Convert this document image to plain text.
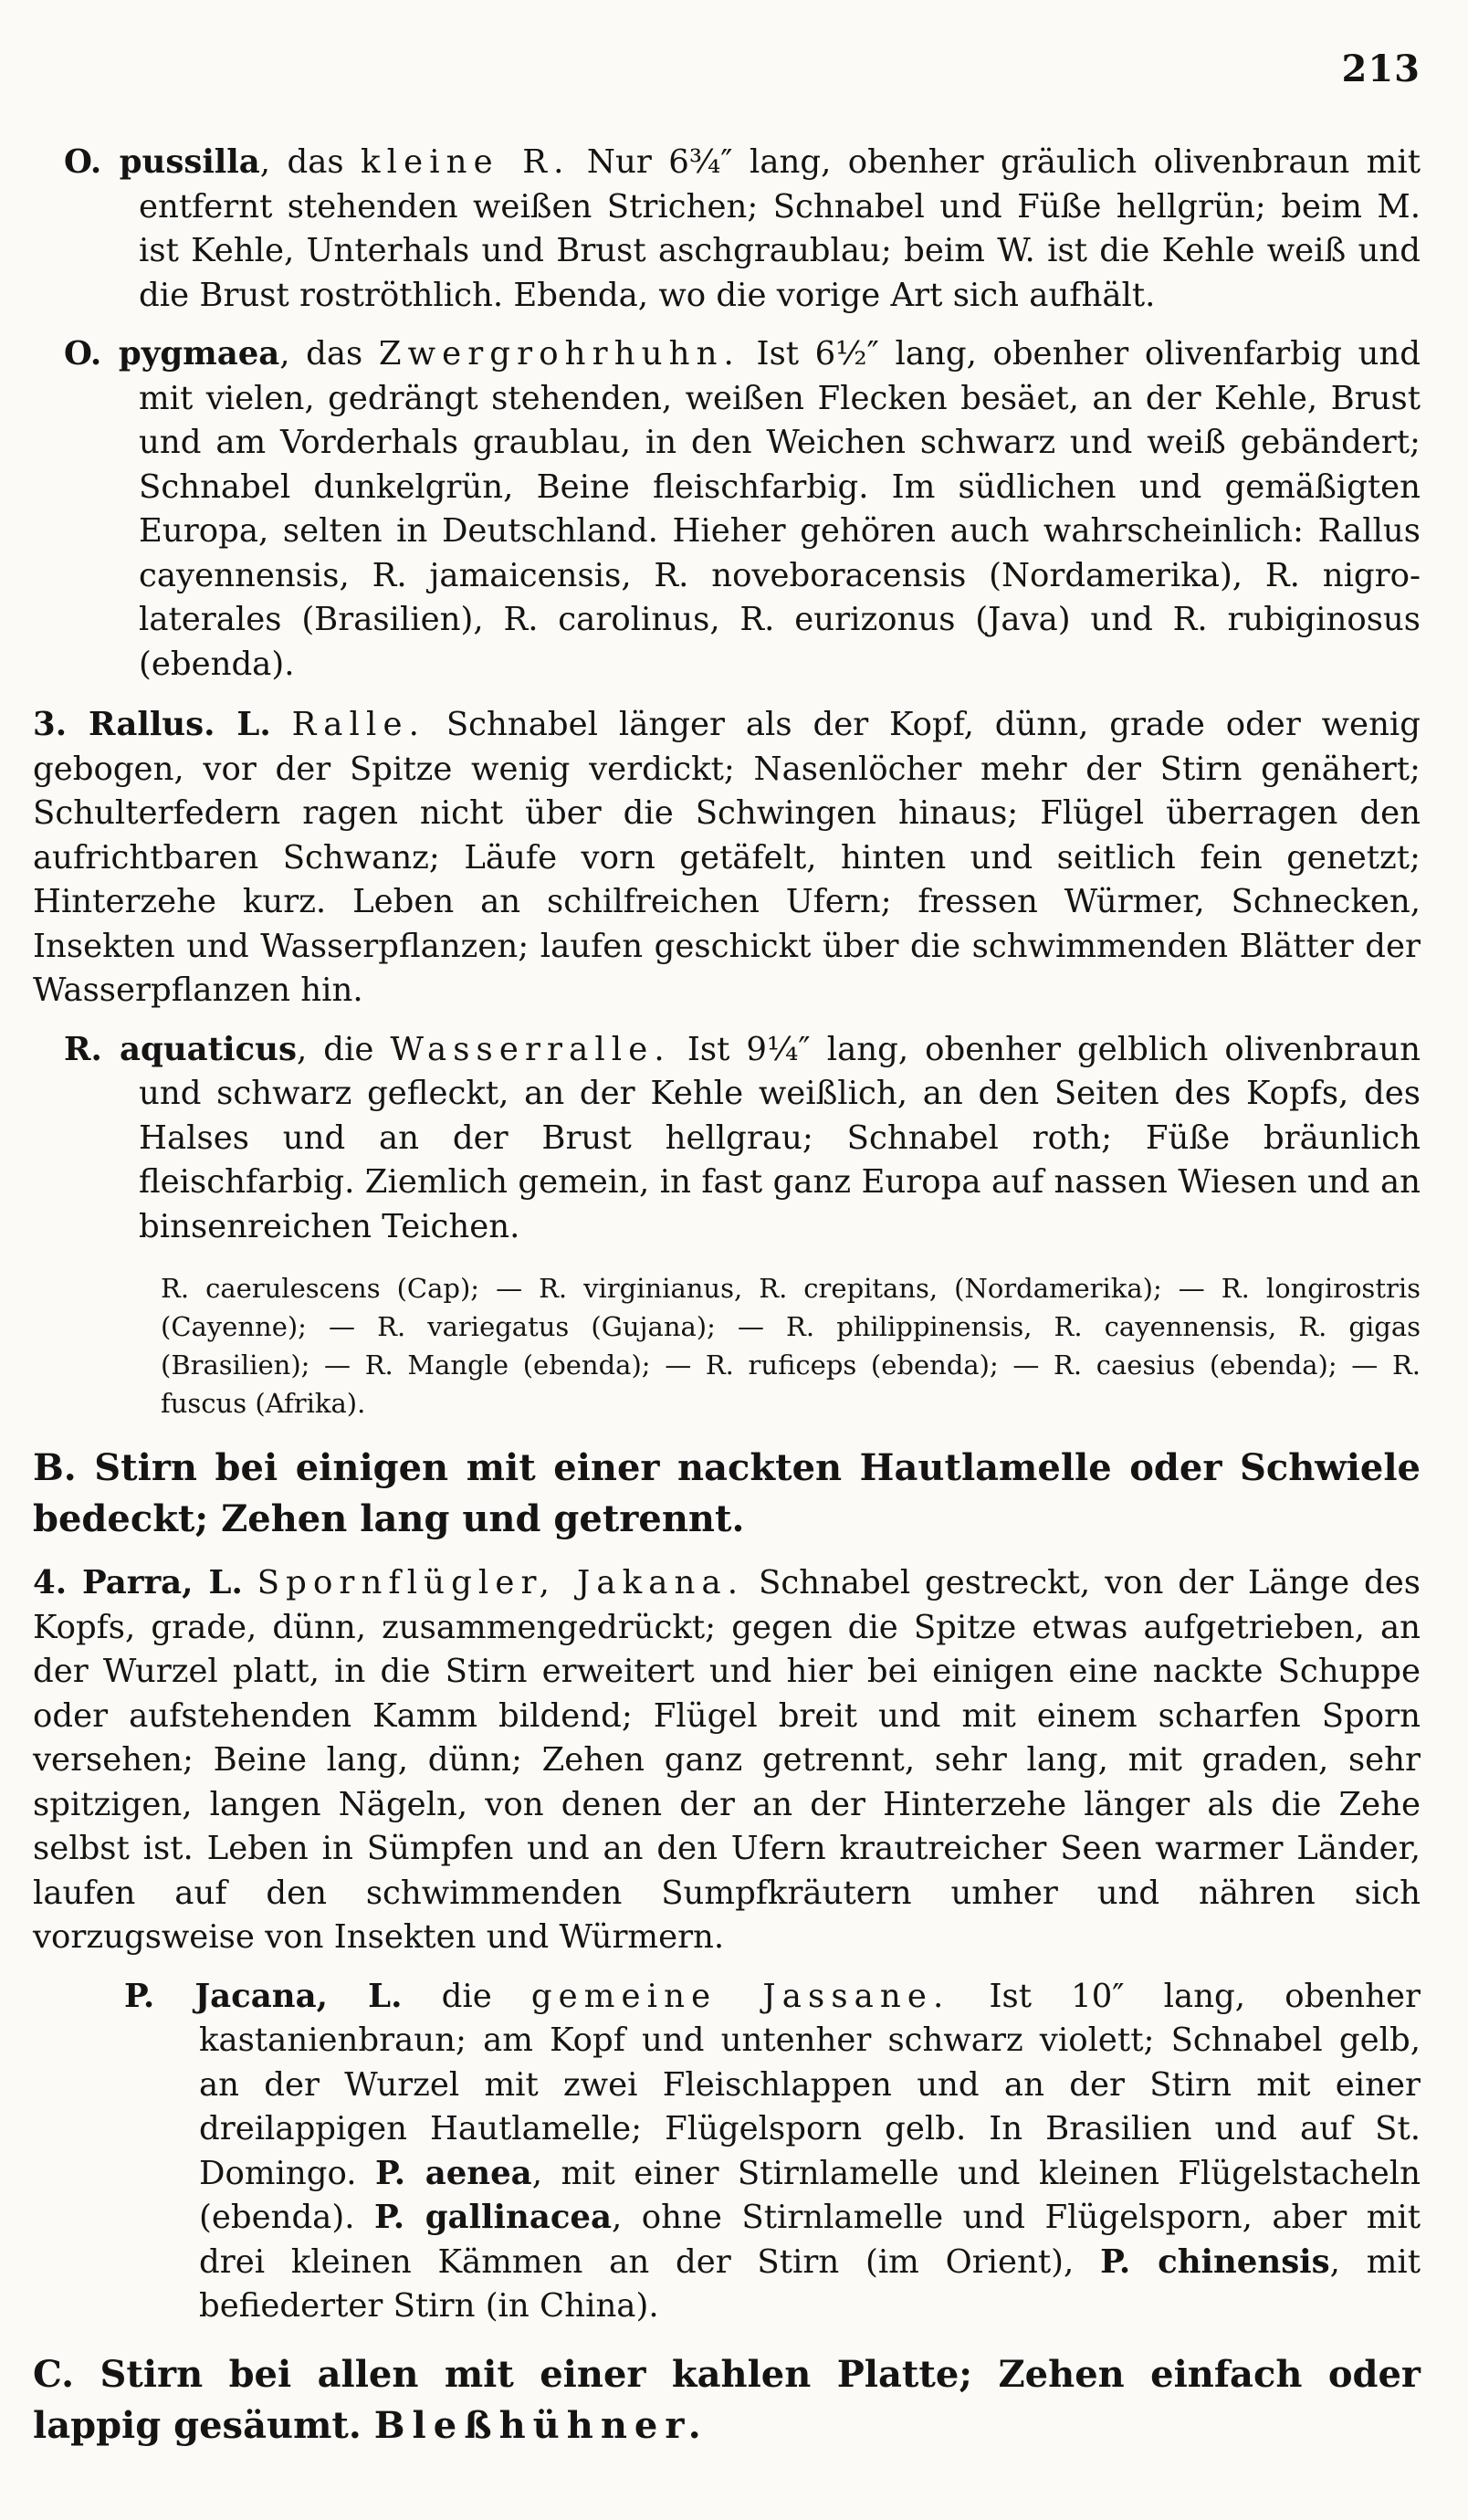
213

O. pussilla, das kleine R. Nur 6¾″ lang, obenher gräulich olivenbraun mit entfernt stehenden weißen Strichen; Schnabel und Füße hellgrün; beim M. ist Kehle, Unterhals und Brust aschgraublau; beim W. ist die Kehle weiß und die Brust roströthlich. Ebenda, wo die vorige Art sich aufhält.

O. pygmaea, das Zwergrohrhuhn. Ist 6½″ lang, obenher olivenfarbig und mit vielen, gedrängt stehenden, weißen Flecken besäet, an der Kehle, Brust und am Vorderhals graublau, in den Weichen schwarz und weiß gebändert; Schnabel dunkelgrün, Beine fleischfarbig. Im südlichen und gemäßigten Europa, selten in Deutschland. Hieher gehören auch wahrscheinlich: Rallus cayennensis, R. jamaicensis, R. noveboracensis (Nordamerika), R. nigro-laterales (Brasilien), R. carolinus, R. eurizonus (Java) und R. rubiginosus (ebenda).

3. Rallus. L. Ralle. Schnabel länger als der Kopf, dünn, grade oder wenig gebogen, vor der Spitze wenig verdickt; Nasenlöcher mehr der Stirn genähert; Schulterfedern ragen nicht über die Schwingen hinaus; Flügel überragen den aufrichtbaren Schwanz; Läufe vorn getäfelt, hinten und seitlich fein genetzt; Hinterzehe kurz. Leben an schilfreichen Ufern; fressen Würmer, Schnecken, Insekten und Wasserpflanzen; laufen geschickt über die schwimmenden Blätter der Wasserpflanzen hin.

R. aquaticus, die Wasserralle. Ist 9¼″ lang, obenher gelblich olivenbraun und schwarz gefleckt, an der Kehle weißlich, an den Seiten des Kopfs, des Halses und an der Brust hellgrau; Schnabel roth; Füße bräunlich fleischfarbig. Ziemlich gemein, in fast ganz Europa auf nassen Wiesen und an binsenreichen Teichen.

R. caerulescens (Cap); — R. virginianus, R. crepitans, (Nordamerika); — R. longirostris (Cayenne); — R. variegatus (Gujana); — R. philippinensis, R. cayennensis, R. gigas (Brasilien); — R. Mangle (ebenda); — R. ruficeps (ebenda); — R. caesius (ebenda); — R. fuscus (Afrika).

B. Stirn bei einigen mit einer nackten Hautlamelle oder Schwiele bedeckt; Zehen lang und getrennt.

4. Parra, L. Spornflügler, Jakana. Schnabel gestreckt, von der Länge des Kopfs, grade, dünn, zusammengedrückt; gegen die Spitze etwas aufgetrieben, an der Wurzel platt, in die Stirn erweitert und hier bei einigen eine nackte Schuppe oder aufstehenden Kamm bildend; Flügel breit und mit einem scharfen Sporn versehen; Beine lang, dünn; Zehen ganz getrennt, sehr lang, mit graden, sehr spitzigen, langen Nägeln, von denen der an der Hinterzehe länger als die Zehe selbst ist. Leben in Sümpfen und an den Ufern krautreicher Seen warmer Länder, laufen auf den schwimmenden Sumpfkräutern umher und nähren sich vorzugsweise von Insekten und Würmern.

P. Jacana, L. die gemeine Jassane. Ist 10″ lang, obenher kastanienbraun; am Kopf und untenher schwarz violett; Schnabel gelb, an der Wurzel mit zwei Fleischlappen und an der Stirn mit einer dreilappigen Hautlamelle; Flügelsporn gelb. In Brasilien und auf St. Domingo. P. aenea, mit einer Stirnlamelle und kleinen Flügelstacheln (ebenda). P. gallinacea, ohne Stirnlamelle und Flügelsporn, aber mit drei kleinen Kämmen an der Stirn (im Orient), P. chinensis, mit befiederter Stirn (in China).

C. Stirn bei allen mit einer kahlen Platte; Zehen einfach oder lappig gesäumt. Bleßhühner.
